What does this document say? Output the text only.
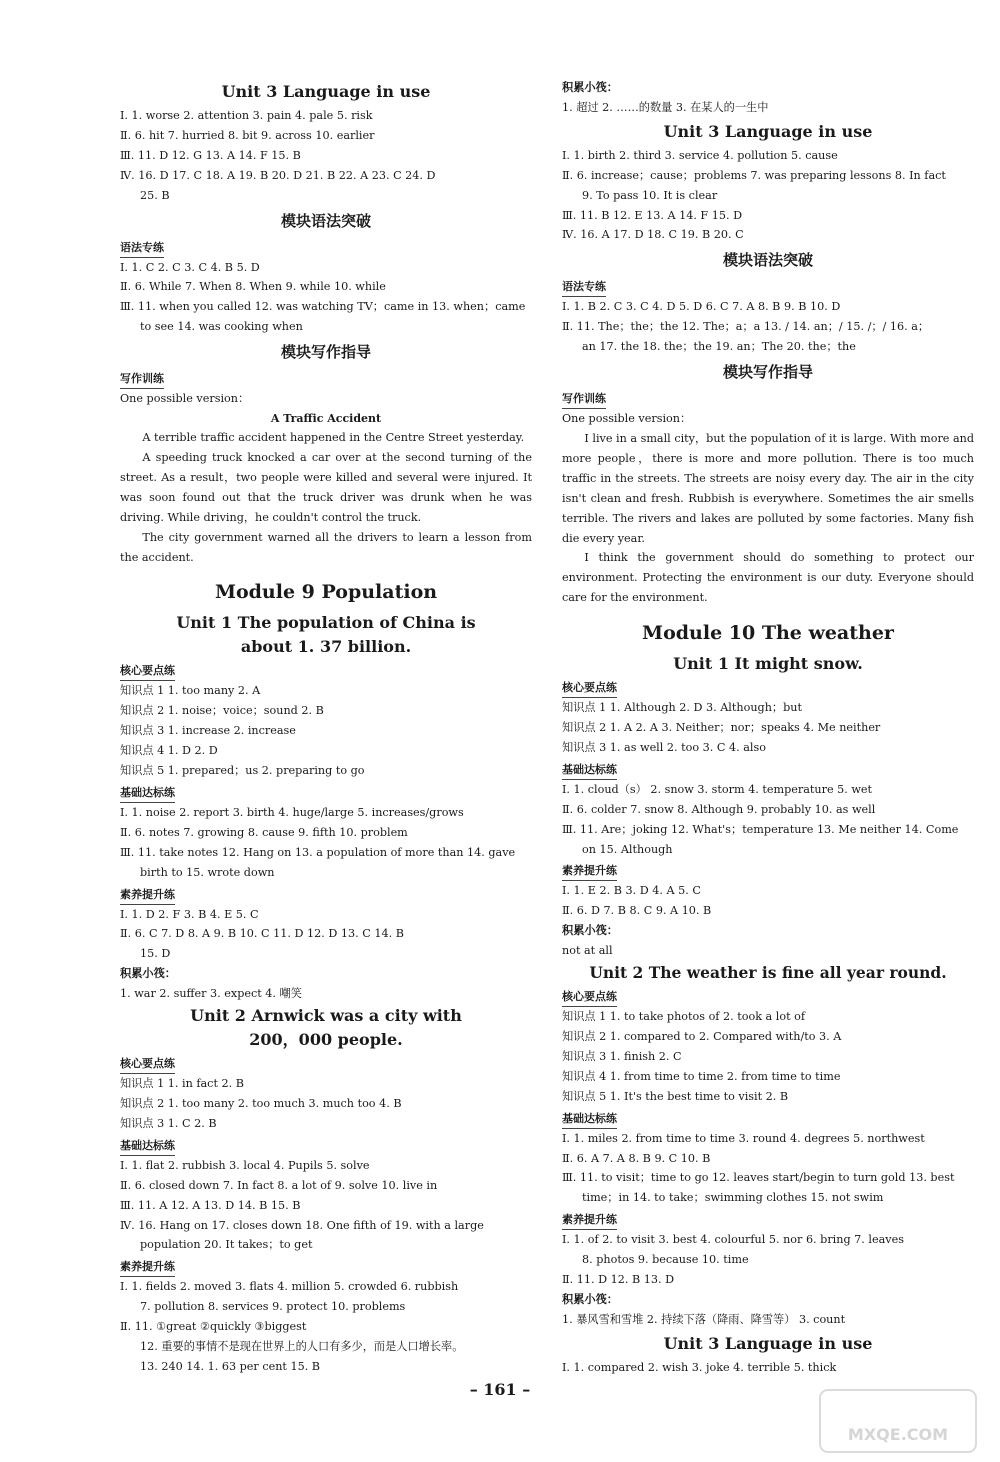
Unit 3 Language in use
Ⅰ. 1. worse 2. attention 3. pain 4. pale 5. risk
Ⅱ. 6. hit 7. hurried 8. bit 9. across 10. earlier
Ⅲ. 11. D 12. G 13. A 14. F 15. B
Ⅳ. 16. D 17. C 18. A 19. B 20. D 21. B 22. A 23. C 24. D
25. B
模块语法突破
语法专练
Ⅰ. 1. C 2. C 3. C 4. B 5. D
Ⅱ. 6. While 7. When 8. When 9. while 10. while
Ⅲ. 11. when you called 12. was watching TV；came in 13. when；came
to see 14. was cooking when
模块写作指导
写作训练
One possible version：
A Traffic Accident
A terrible traffic accident happened in the Centre Street yesterday.
A speeding truck knocked a car over at the second turning of the street. As a result，two people were killed and several were injured. It was soon found out that the truck driver was drunk when he was driving. While driving，he couldn't control the truck.
The city government warned all the drivers to learn a lesson from the accident.
Module 9 Population
Unit 1 The population of China is
about 1. 37 billion.
核心要点练
知识点 1 1. too many 2. A
知识点 2 1. noise；voice；sound 2. B
知识点 3 1. increase 2. increase
知识点 4 1. D 2. D
知识点 5 1. prepared；us 2. preparing to go
基础达标练
Ⅰ. 1. noise 2. report 3. birth 4. huge/large 5. increases/grows
Ⅱ. 6. notes 7. growing 8. cause 9. fifth 10. problem
Ⅲ. 11. take notes 12. Hang on 13. a population of more than 14. gave
birth to 15. wrote down
素养提升练
Ⅰ. 1. D 2. F 3. B 4. E 5. C
Ⅱ. 6. C 7. D 8. A 9. B 10. C 11. D 12. D 13. C 14. B
15. D
积累小筏：
1. war 2. suffer 3. expect 4. 嘲笑
Unit 2 Arnwick was a city with
200，000 people.
核心要点练
知识点 1 1. in fact 2. B
知识点 2 1. too many 2. too much 3. much too 4. B
知识点 3 1. C 2. B
基础达标练
Ⅰ. 1. flat 2. rubbish 3. local 4. Pupils 5. solve
Ⅱ. 6. closed down 7. In fact 8. a lot of 9. solve 10. live in
Ⅲ. 11. A 12. A 13. D 14. B 15. B
Ⅳ. 16. Hang on 17. closes down 18. One fifth of 19. with a large
population 20. It takes；to get
素养提升练
Ⅰ. 1. fields 2. moved 3. flats 4. million 5. crowded 6. rubbish
7. pollution 8. services 9. protect 10. problems
Ⅱ. 11. ①great ②quickly ③biggest
12. 重要的事情不是现在世界上的人口有多少，而是人口增长率。
13. 240 14. 1. 63 per cent 15. B
积累小筏：
1. 超过 2. ……的数量 3. 在某人的一生中
Unit 3 Language in use
Ⅰ. 1. birth 2. third 3. service 4. pollution 5. cause
Ⅱ. 6. increase；cause；problems 7. was preparing lessons 8. In fact
9. To pass 10. It is clear
Ⅲ. 11. B 12. E 13. A 14. F 15. D
Ⅳ. 16. A 17. D 18. C 19. B 20. C
模块语法突破
语法专练
Ⅰ. 1. B 2. C 3. C 4. D 5. D 6. C 7. A 8. B 9. B 10. D
Ⅱ. 11. The；the；the 12. The；a；a 13. / 14. an；/ 15. /；/ 16. a；
an 17. the 18. the；the 19. an；The 20. the；the
模块写作指导
写作训练
One possible version：
I live in a small city，but the population of it is large. With more and more people，there is more and more pollution. There is too much traffic in the streets. The streets are noisy every day. The air in the city isn't clean and fresh. Rubbish is everywhere. Sometimes the air smells terrible. The rivers and lakes are polluted by some factories. Many fish die every year.
I think the government should do something to protect our environment. Protecting the environment is our duty. Everyone should care for the environment.
Module 10 The weather
Unit 1 It might snow.
核心要点练
知识点 1 1. Although 2. D 3. Although；but
知识点 2 1. A 2. A 3. Neither；nor；speaks 4. Me neither
知识点 3 1. as well 2. too 3. C 4. also
基础达标练
Ⅰ. 1. cloud（s） 2. snow 3. storm 4. temperature 5. wet
Ⅱ. 6. colder 7. snow 8. Although 9. probably 10. as well
Ⅲ. 11. Are；joking 12. What's；temperature 13. Me neither 14. Come
on 15. Although
素养提升练
Ⅰ. 1. E 2. B 3. D 4. A 5. C
Ⅱ. 6. D 7. B 8. C 9. A 10. B
积累小筏：
not at all
Unit 2 The weather is fine all year round.
核心要点练
知识点 1 1. to take photos of 2. took a lot of
知识点 2 1. compared to 2. Compared with/to 3. A
知识点 3 1. finish 2. C
知识点 4 1. from time to time 2. from time to time
知识点 5 1. It's the best time to visit 2. B
基础达标练
Ⅰ. 1. miles 2. from time to time 3. round 4. degrees 5. northwest
Ⅱ. 6. A 7. A 8. B 9. C 10. B
Ⅲ. 11. to visit；time to go 12. leaves start/begin to turn gold 13. best
time；in 14. to take；swimming clothes 15. not swim
素养提升练
Ⅰ. 1. of 2. to visit 3. best 4. colourful 5. nor 6. bring 7. leaves
8. photos 9. because 10. time
Ⅱ. 11. D 12. B 13. D
积累小筏：
1. 暴风雪和雪堆 2. 持续下落（降雨、降雪等） 3. count
Unit 3 Language in use
Ⅰ. 1. compared 2. wish 3. joke 4. terrible 5. thick
– 161 –
MXQE.COM
